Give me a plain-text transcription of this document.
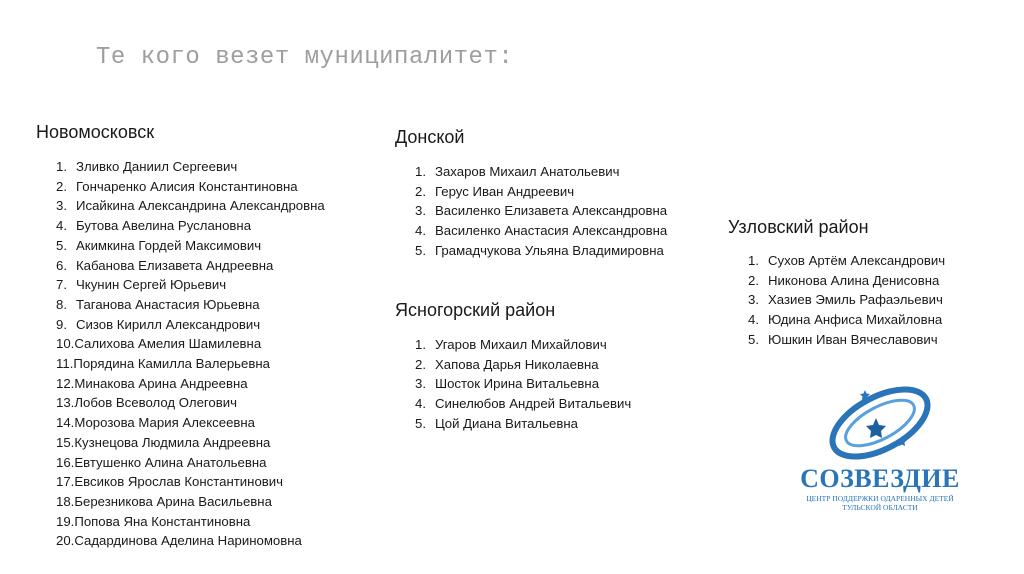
Те кого везет муниципалитет:
Новомосковск
1. Зливко Даниил Сергеевич
2. Гончаренко Алисия Константиновна
3. Исайкина Александрина Александровна
4. Бутова Авелина Руслановна
5. Акимкина Гордей Максимович
6. Кабанова Елизавета Андреевна
7. Чкунин Сергей Юрьевич
8. Таганова Анастасия Юрьевна
9. Сизов Кирилл Александрович
10.Салихова Амелия Шамилевна
11.Порядина Камилла Валерьевна
12.Минакова Арина Андреевна
13.Лобов Всеволод Олегович
14.Морозова Мария Алексеевна
15.Кузнецова Людмила Андреевна
16.Евтушенко Алина Анатольевна
17.Евсиков Ярослав Константинович
18.Березникова Арина Васильевна
19.Попова Яна Константиновна
20.Садардинова Аделина Нариномовна
Донской
1. Захаров Михаил Анатольевич
2. Герус Иван Андреевич
3. Василенко Елизавета Александровна
4. Василенко Анастасия Александровна
5. Грамадчукова Ульяна Владимировна
Ясногорский район
1. Угаров Михаил Михайлович
2. Хапова Дарья Николаевна
3. Шосток Ирина Витальевна
4. Синелюбов Андрей Витальевич
5. Цой Диана Витальевна
Узловский район
1. Сухов Артём Александрович
2. Никонова Алина Денисовна
3. Хазиев Эмиль Рафаэльевич
4. Юдина Анфиса Михайловна
5. Юшкин Иван Вячеславович
СОЗВЕЗДИЕ
ЦЕНТР ПОДДЕРЖКИ ОДАРЕННЫХ ДЕТЕЙ
ТУЛЬСКОЙ ОБЛАСТИ
